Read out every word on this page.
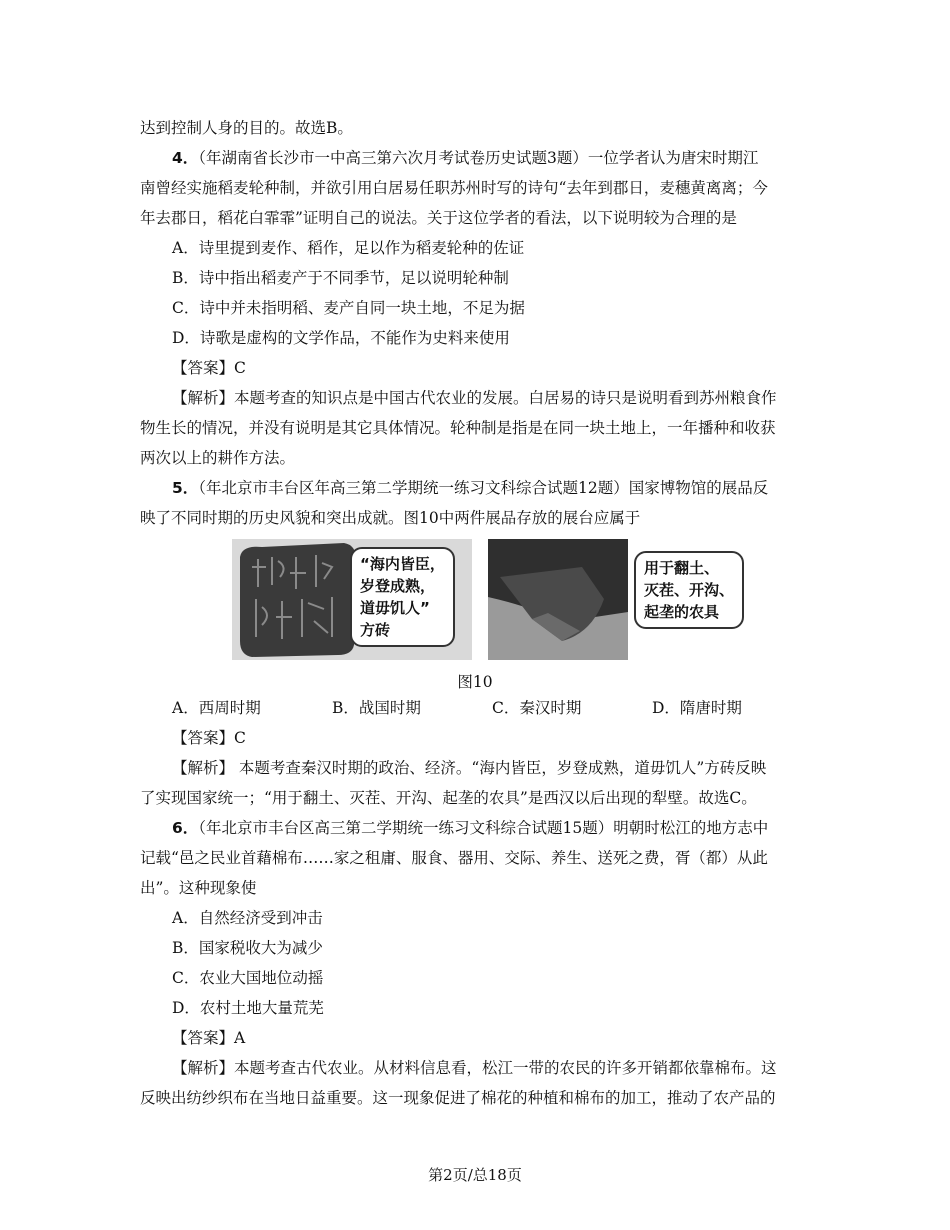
达到控制人身的目的。故选B。
4．（年湖南省长沙市一中高三第六次月考试卷历史试题3题）一位学者认为唐宋时期江
南曾经实施稻麦轮种制，并欲引用白居易任职苏州时写的诗句“去年到郡日，麦穗黄离离；今
年去郡日，稻花白霏霏”证明自己的说法。关于这位学者的看法，以下说明较为合理的是
A．诗里提到麦作、稻作，足以作为稻麦轮种的佐证
B．诗中指出稻麦产于不同季节，足以说明轮种制
C．诗中并未指明稻、麦产自同一块土地，不足为据
D．诗歌是虚构的文学作品，不能作为史料来使用
【答案】C
【解析】本题考查的知识点是中国古代农业的发展。白居易的诗只是说明看到苏州粮食作
物生长的情况，并没有说明是其它具体情况。轮种制是指是在同一块土地上，一年播种和收获
两次以上的耕作方法。
5．（年北京市丰台区年高三第二学期统一练习文科综合试题12题）国家博物馆的展品反
映了不同时期的历史风貌和突出成就。图10中两件展品存放的展台应属于
“海内皆臣，
岁登成熟，
道毋饥人”
方砖
用于翻土、
灭茬、开沟、
起垄的农具
图10
A．西周时期	B．战国时期	C．秦汉时期	D．隋唐时期
【答案】C
【解析】 本题考查秦汉时期的政治、经济。“海内皆臣，岁登成熟，道毋饥人”方砖反映
了实现国家统一；“用于翻土、灭茬、开沟、起垄的农具”是西汉以后出现的犁壁。故选C。
6．（年北京市丰台区高三第二学期统一练习文科综合试题15题）明朝时松江的地方志中
记载“邑之民业首藉棉布……家之租庸、服食、器用、交际、养生、送死之费，胥（都）从此
出”。这种现象使
A．自然经济受到冲击
B．国家税收大为减少
C．农业大国地位动摇
D．农村土地大量荒芜
【答案】A
【解析】本题考查古代农业。从材料信息看，松江一带的农民的许多开销都依靠棉布。这
反映出纺纱织布在当地日益重要。这一现象促进了棉花的种植和棉布的加工，推动了农产品的
第2页/总18页
